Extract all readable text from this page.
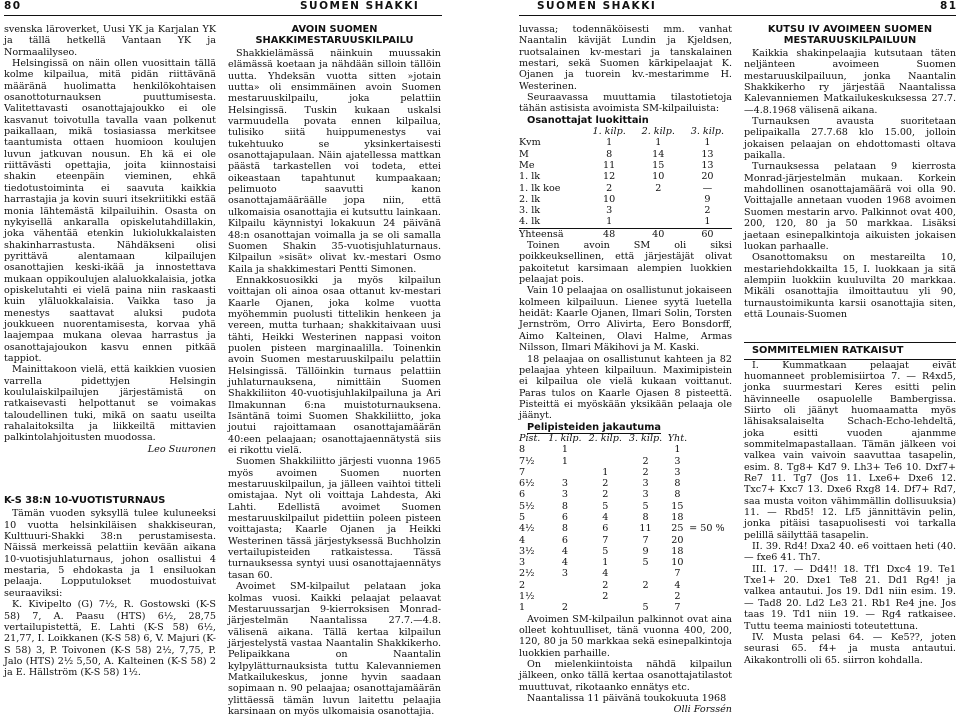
80	SUOMEN SHAKKI	SUOMEN SHAKKI	81

svenska läroverket, Uusi YK ja Karjalan YK ja tällä hetkellä Vantaan YK ja Normaalilyseo.

Helsingissä on näin ollen vuosittain tällä kolme kilpailua, mitä pidän riittävänä määränä huolimatta henkilökohtaisen osanottoturnauksen puuttumisesta. Valitettavasti osanottajajoukko ei ole kasvanut toivotulla tavalla vaan polkenut paikallaan, mikä tosiasiassa merkitsee taantumista ottaen huomioon koulujen luvun jatkuvan nousun. Eh kä ei ole riittävästi opettajia, joita kiinnostaisi shakin eteenpäin vieminen, ehkä tiedotustoiminta ei saavuta kaikkia harrastajia ja kovin suuri itsekriitikki estää monia lähtemästä kilpailuihin. Osasta on nykyisellä ankaralla opiskelutahdillakin, joka vähentää etenkin lukiolukkalaisten shakinharrastusta. Nähdäkseni olisi pyrittävä alentamaan kilpailujen osanottajien keski-ikää ja innostettava mukaan oppikoulujen alaluokkalaisia, jotka opiskelutahti ei vielä paina niin raskaasti kuin yläluokkalaisia. Vaikka taso ja menestys saattavat aluksi pudota joukkueen nuorentamisesta, korvaa yhä laajempaa mukana olevaa harrastus ja osanottajajoukon kasvu ennen pitkää tappiot.

Mainittakoon vielä, että kaikkien vuosien varrella pidettyjen Helsingin koululaiskilpailujen järjestämistä on ratkaisevasti helpottanut se voimakas taloudellinen tuki, mikä on saatu useilta rahalaitoksilta ja liikkeiltä mittavien palkintolahjoitusten muodossa.

Leo Suuronen

K-S 38:N 10-VUOTISTURNAUS

Tämän vuoden syksyllä tulee kuluneeksi 10 vuotta helsinkiläisen shakkiseuran, Kulttuuri-Shakki 38:n perustamisesta. Näissä merkeissä pelattiin kevään aikana 10-vuotisjuhlaturnaus, johon osallistui 4 mestaria, 5 ehdokasta ja 1 ensiluokan pelaaja. Lopputulokset muodostuivat seuraaviksi:

K. Kivipelto (G) 7½, R. Gostowski (K-S 58) 7, A. Paasu (HTS) 6½, 28,75 vertailupistettä, E. Lahti (K-S 58) 6½, 21,77, I. Loikkanen (K-S 58) 6, V. Majuri (K-S 58) 3, P. Toivonen (K-S 58) 2½, 7,75, P. Jalo (HTS) 2½ 5,50, A. Kalteinen (K-S 58) 2 ja E. Hällström (K-S 58) 1½.

AVOIN SUOMEN SHAKKIMESTARUUSKILPAILU

Shakkielämässä näinkuin muussakin elämässä koetaan ja nähdään silloin tällöin uutta. Yhdeksän vuotta sitten »jotain uutta» oli ensimmäinen avoin Suomen mestaruuskilpailu, joka pelattiin Helsingissä. Tuskin kukaan uskalsi varmuudella povata ennen kilpailua, tulisiko siitä huippumenestys vai tukehtuuko se yksinkertaisesti osanottajapulaan. Näin ajatellessa mattkan päästä tarkastellen voi todeta, ettei oikeastaan tapahtunut kumpaakaan; pelimuoto saavutti kanon osanottajamääräälle jopa niin, että ulkomaisia osanottajia ei kutsuttu lainkaan. Kilpailu käynnistyi lokakuun 24 päivänä 48:n osanottajan voimalla ja se oli samalla Suomen Shakin 35-vuotisjuhlaturnaus. Kilpailun »sisät» olivat kv.-mestari Osmo Kaila ja shakkimestari Pentti Simonen.

Ennakkosuosikki ja myös kilpailun voittajan oli ainoa osaa ottanut kv-mestari Kaarle Ojanen, joka kolme vuotta myöhemmin puolusti tittelikin henkeen ja vereen, mutta turhaan; shakkitaivaan uusi tähti, Heikki Westerinen nappasi voiton puolen pisteen marginaalilla. Toinenkin avoin Suomen mestaruuskilpailu pelattiin Helsingissä. Tällöinkin turnaus pelattiin juhlaturnauksena, nimittäin Suomen Shakkiliiton 40-vuotisjuhlakilpailuna ja Ari Ilmakunnan 6:na muistoturnauksena. Isäntänä toimi Suomen Shakkiliitto, joka joutui rajoittamaan osanottajamäärän 40:een pelaajaan; osanottajaennätystä siis ei rikottu vielä.

Suomen Shakkiliitto järjesti vuonna 1965 myös avoimen Suomen nuorten mestaruuskilpailun, ja jälleen vaihtoi titteli omistajaa. Nyt oli voittaja Lahdesta, Aki Lahti. Edellistä avoimet Suomen mestaruuskilpailut pidettiin poleen pisteen voittajasta; Kaarle Ojanen ja Heikki Westerinen tässä järjestyksessä Buchholzin vertailupisteiden ratkaistessa. Tässä turnauksessa syntyi uusi osanottajaennätys tasan 60.

Avoimet SM-kilpailut pelataan joka kolmas vuosi. Kaikki pelaajat pelaavat Mestaruussarjan 9-kierroksisen Monrad-järjestelmän Naantalissa 27.7.—4.8. välisenä aikana. Tällä kertaa kilpailun järjestelystä vastaa Naantalin Shakkikerho. Pelipaikkana on Naantalin kylpylätturnauksista tuttu Kalevanniemen Matkailukeskus, jonne hyvin saadaan sopimaan n. 90 pelaajaa; osanottajamäärän ylittäessä tämän luvun laitettu pelaajia karsinaan on myös ulkomaisia osanottajia.

luvassa; todennäköisesti mm. vanhat Naantalin kävijät Lundin ja Kjeldsen, ruotsalainen kv-mestari ja tanskalainen mestari, sekä Suomen kärkipelaajat K. Ojanen ja tuorein kv.-mestarimme H. Westerinen.

Seuraavassa muuttamia tilastotietoja tähän astisista avoimista SM-kilpailuista:

Osanottajat luokittain

	1. kilp.	2. kilp.	3. kilp.
Kvm	1	1	1
M	8	14	13
Me	11	15	13
1. lk	12	10	20
1. lk koe	2	2	—
2. lk	10		9
3. lk	3		2
4. lk	1		1
Yhteensä	48	40	60

Toinen avoin SM oli siksi poikkeuksellinen, että järjestäjät olivat pakoitetut karsimaan alempien luokkien pelaajat pois.

Vain 10 pelaajaa on osallistunut jokaiseen kolmeen kilpailuun. Lienee syytä luetella heidät: Kaarle Ojanen, Ilmari Solin, Torsten Jernström, Orro Alivirta, Eero Bonsdorff, Aimo Kalteinen, Olavi Halme, Armas Nilsson, Ilmari Mäkihovi ja M. Kaski.

18 pelaajaa on osallistunut kahteen ja 82 pelaajaa yhteen kilpailuun. Maximipistein ei kilpailua ole vielä kukaan voittanut. Paras tulos on Kaarle Ojasen 8 pisteettä. Pisteittä ei myöskään yksikään pelaaja ole jäänyt.

Pelipisteiden jakautuma

Pist.	1. kilp.	2. kilp.	3. kilp.	Yht.	
8	1			1	
7½	1		2	3	
7		1	2	3	
6½	3	2	3	8	
6	3	2	3	8	
5½	8	5	5	15	
5	6	4	8	18	
4½	8	6	11	25	= 50 %
4	6	7	7	20	
3½	4	5	9	18	
3	4	1	5	10	
2½	3	4		7	
2		2	2	4	
1½		2		2	
1	2		5	7	

Avoimen SM-kilpailun palkinnot ovat aina olleet kohtuulliset, tänä vuonna 400, 200, 120, 80 ja 50 markkaa sekä esinepalkintoja luokkien parhaille.

On mielenkiintoista nähdä kilpailun jälkeen, onko tällä kertaa osanottajatilastot muuttuvat, rikotaanko ennätys etc.

Naantalissa 11 päivänä toukokuuta 1968

Olli Forssén

KUTSU IV AVOIMEEN SUOMEN MESTARUUSKILPAILUUN

Kaikkia shakinpelaajia kutsutaan täten neljänteen avoimeen Suomen mestaruuskilpailuun, jonka Naantalin Shakkikerho ry järjestää Naantalissa Kalevanniemen Matkailukeskuksessa 27.7.—4.8.1968 välisenä aikana.

Turnauksen avausta suoritetaan pelipaikalla 27.7.68 klo 15.00, jolloin jokaisen pelaajan on ehdottomasti oltava paikalla.

Turnauksessa pelataan 9 kierrosta Monrad-järjestelmän mukaan. Korkein mahdollinen osanottajamäärä voi olla 90. Voittajalle annetaan vuoden 1968 avoimen Suomen mestarin arvo. Palkinnot ovat 400, 200, 120, 80 ja 50 markkaa. Lisäksi jaetaan esinepalkintoja aikuisten jokaisen luokan parhaalle.

Osanottomaksu on mestareilta 10, mestariehdokkailta 15, I. luokkaan ja sitä alempiin luokkiin kuuluvilta 20 markkaa. Mikäli osanottajia ilmoittautuu yli 90, turnaustoimikunta karsii osanottajia siten, että Lounais-Suomen

SOMMITELMIEN RATKAISUT

I. Kummatkaan pelaajat eivät huomanneet problemisiirtoa 7. — R4xd5, jonka suurmestari Keres esitti pelin hävinneelle osapuolelle Bambergissa. Siirto oli jäänyt huomaamatta myös lähisaksalaiselta Schach-Echo-lehdeltä, joka esitti vuoden ajanmme sommitelmapastallaan. Tämän jälkeen voi valkea vain vaivoin saavuttaa tasapelin, esim. 8. Tg8+ Kd7 9. Lh3+ Te6 10. Dxf7+ Re7 11. Tg7 (Jos 11. Lxe6+ Dxe6 12. Txc7+ Kxc7 13. Dxe6 Rxg8 14. Df7+ Rd7, saa musta voiton vähimmällin dollisuuksia) 11. — Rbd5! 12. Lf5 jännittävin pelin, jonka pitäisi tasapuolisesti voi tarkalla pelillä säilyttää tasapelin.

II. 39. Rd4! Dxa2 40. e6 voittaen heti (40. — fxe6 41. Th7.

III. 17. — Dd4!! 18. Tf1 Dxc4 19. Te1 Txe1+ 20. Dxe1 Te8 21. Dd1 Rg4! ja valkea antautui. Jos 19. Dd1 niin esim. 19. — Tad8 20. Ld2 Le3 21. Rb1 Re4 jne. Jos taas 19. Td1 niin 19. — Rg4 ratkaisee. Tuttu teema mainiosti toteutettuna.

IV. Musta pelasi 64. — Ke5??, joten seurasi 65. f4+ ja musta antautui. Aikakontrolli oli 65. siirron kohdalla.
